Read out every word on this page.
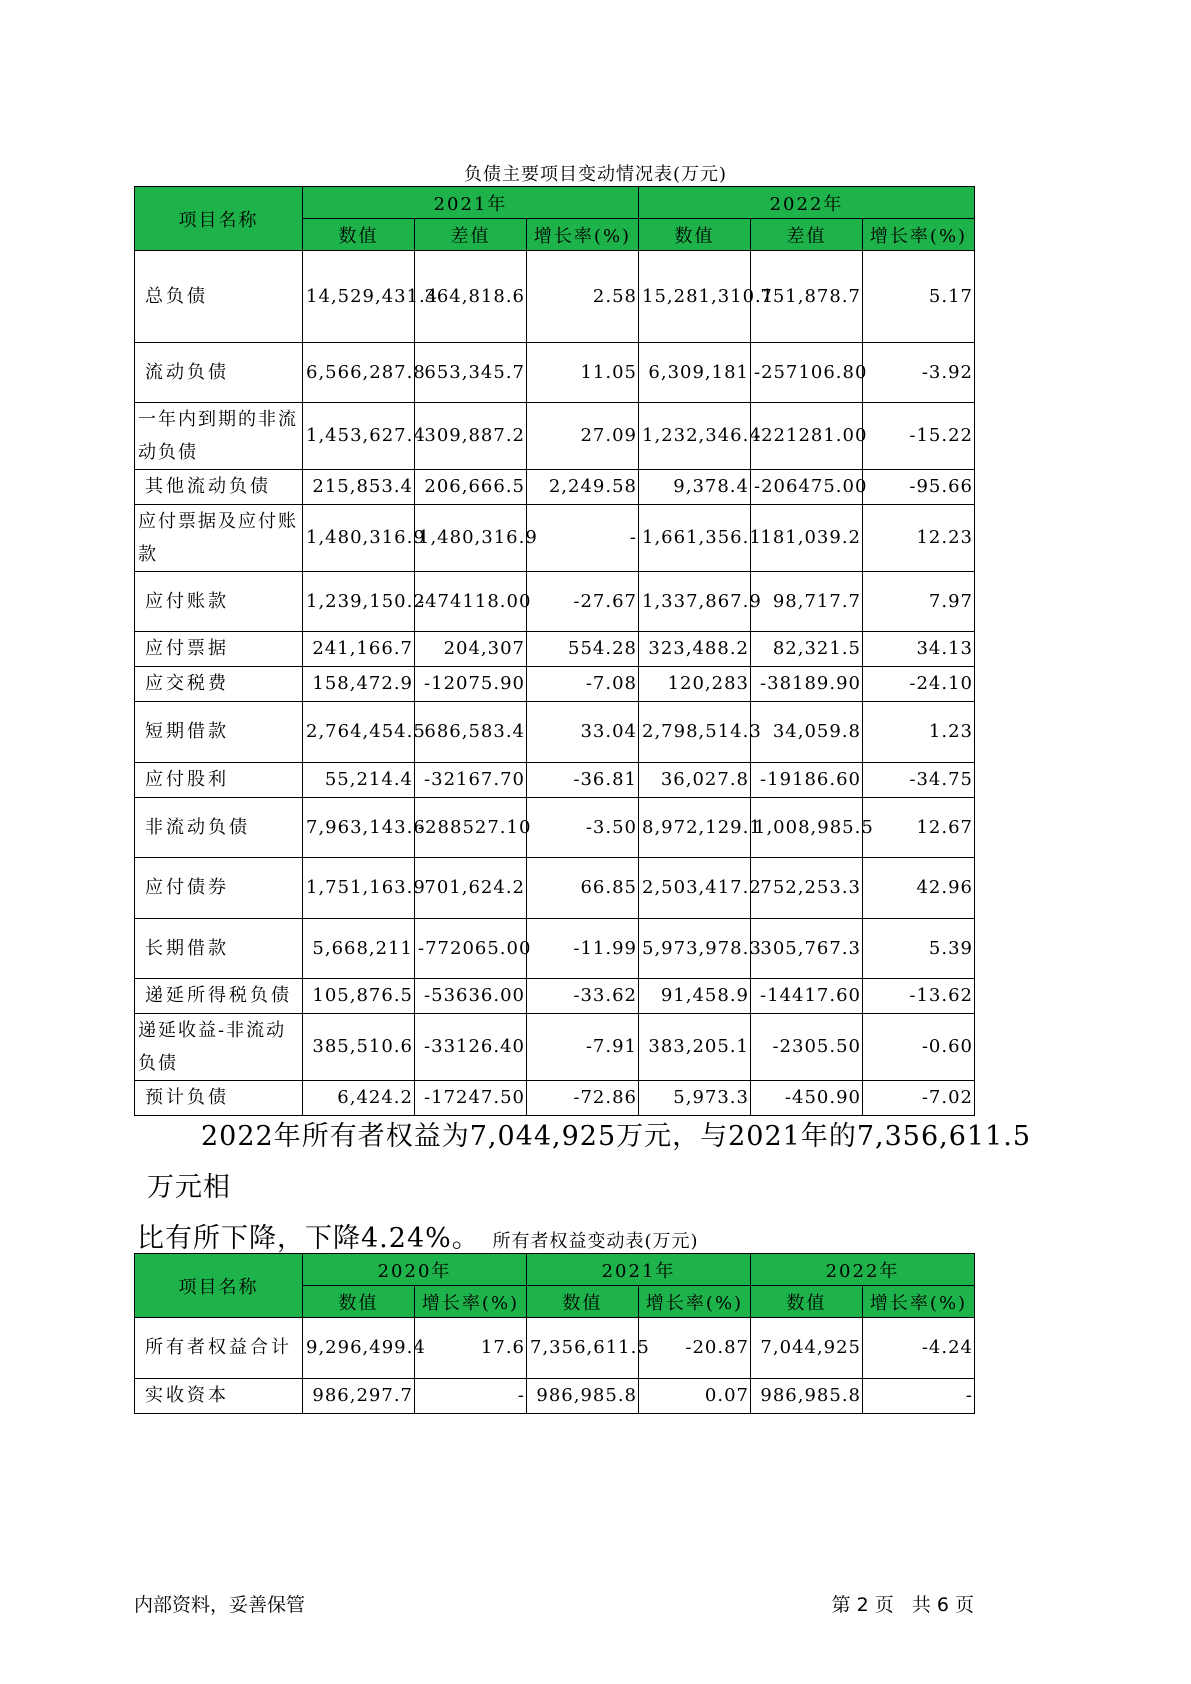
负债主要项目变动情况表(万元)
项目名称	2021年			2022年		
	数值	差值	增长率(%)	数值	差值	增长率(%)
总负债	14,529,431.4	364,818.6	2.58	15,281,310.1	751,878.7	5.17
流动负债	6,566,287.8	653,345.7	11.05	6,309,181	-257106.80	-3.92
一年内到期的非流动负债	1,453,627.4	309,887.2	27.09	1,232,346.4	-221281.00	-15.22
其他流动负债	215,853.4	206,666.5	2,249.58	9,378.4	-206475.00	-95.66
应付票据及应付账款	1,480,316.9	1,480,316.9	-	1,661,356.1	181,039.2	12.23
应付账款	1,239,150.2	-474118.00	-27.67	1,337,867.9	98,717.7	7.97
应付票据	241,166.7	204,307	554.28	323,488.2	82,321.5	34.13
应交税费	158,472.9	-12075.90	-7.08	120,283	-38189.90	-24.10
短期借款	2,764,454.5	686,583.4	33.04	2,798,514.3	34,059.8	1.23
应付股利	55,214.4	-32167.70	-36.81	36,027.8	-19186.60	-34.75
非流动负债	7,963,143.6	-288527.10	-3.50	8,972,129.1	1,008,985.5	12.67
应付债券	1,751,163.9	701,624.2	66.85	2,503,417.2	752,253.3	42.96
长期借款	5,668,211	-772065.00	-11.99	5,973,978.3	305,767.3	5.39
递延所得税负债	105,876.5	-53636.00	-33.62	91,458.9	-14417.60	-13.62
递延收益-非流动负债	385,510.6	-33126.40	-7.91	383,205.1	-2305.50	-0.60
预计负债	6,424.2	-17247.50	-72.86	5,973.3	-450.90	-7.02
2022年所有者权益为7,044,925万元，与2021年的7,356,611.5万元相
比有所下降，下降4.24%。 所有者权益变动表(万元)
项目名称	2020年		2021年		2022年	
	数值	增长率(%)	数值	增长率(%)	数值	增长率(%)
所有者权益合计	9,296,499.4	17.6	7,356,611.5	-20.87	7,044,925	-4.24
实收资本	986,297.7	-	986,985.8	0.07	986,985.8	-
内部资料，妥善保管	第 2 页   共 6 页
